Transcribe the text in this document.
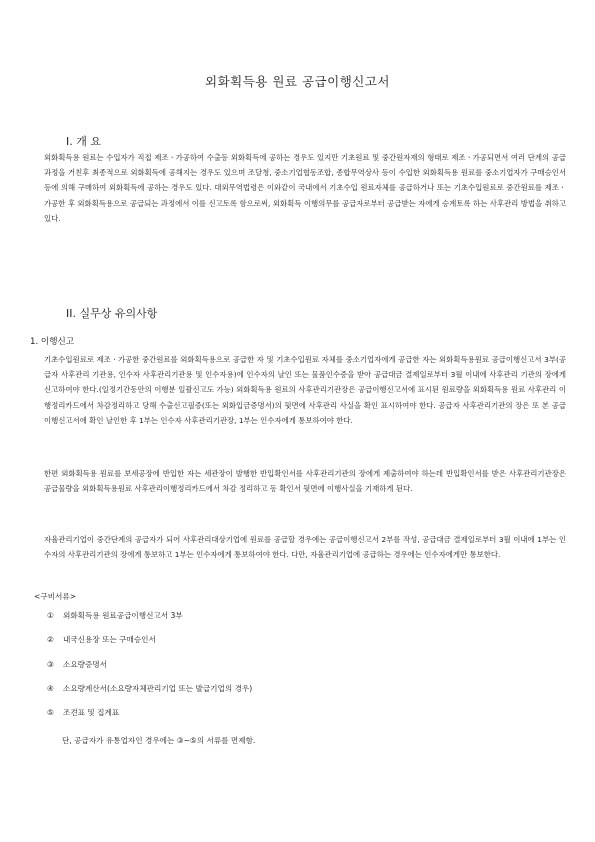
외화획득용 원료 공급이행신고서
I. 개 요
외화획득용 원료는 수입자가 직접 제조ㆍ가공하여 수출등 외화획득에 공하는 경우도 있지만 기초원료 및 중간원자재의 형태로 제조ㆍ가공되면서 여러 단계의 공급과정을 거친후 최종적으로 외화획득에 공해지는 경우도 있으며 조달청, 중소기업협동조합, 종합무역상사 등이 수입한 외화획득용 원료를 중소기업자가 구매승인서 등에 의해 구매하여 외화획득에 공하는 경우도 있다. 대외무역법령은 이와같이 국내에서 기초수입 원료자체를 공급하거나 또는 기초수입원료로 중간원료를 제조ㆍ가공한 후 외화획득용으로 공급되는 과정에서 이를 신고토록 함으로써, 외화획득 이행의무를 공급자로부터 공급받는 자에게 승계토록 하는 사후관리 방법을 취하고 있다.
II. 실무상 유의사항
1. 이행신고
기초수입원료로 제조ㆍ가공한 중간원료를 외화획득용으로 공급한 자 및 기초수입원료 자체를 중소기업자에게 공급한 자는 외화획득용원료 공급이행신고서 3부(공급자 사후관리 기관용, 인수자 사후관리기관용 및 인수자용)에 인수자의 날인 또는 물품인수증을 받아 공급대금 결제일로부터 3월 이내에 사후관리 기관의 장에게 신고하여야 한다.(일정기간동안의 이행분 일괄신고도 가능) 외화획득용 원료의 사후관리기관장은 공급이행신고서에 표시된 원료량을 외화획득용 원료 사후관리 이행정리카드에서 차감정리하고 당해 수출신고필증(또는 외화입금증명서)의 뒷면에 사후관리 사실을 확인 표시하여야 한다. 공급자 사후관리기관의 장은 또 본 공급이행신고서에 확인 날인한 후 1부는 인수자 사후관리기관장, 1부는 인수자에게 통보하여야 한다.
한편 외화획득용 원료를 보세공장에 반입한 자는 세관장이 발행한 반입확인서를 사후관리기관의 장에게 제출하여야 하는데 반입확인서를 받은 사후관리기관장은 공급물량을 외화획득용원료 사후관리이행정리카드에서 차감 정리하고 동 확인서 뒷면에 이행사실을 기재하게 된다.
자율관리기업이 중간단계의 공급자가 되어 사후관리대상기업에 원료를 공급할 경우에는 공급이행신고서 2부를 작성, 공급대금 결제일로부터 3월 이내에 1부는 인수자의 사후관리기관의 장에게 통보하고 1부는 인수자에게 통보하여야 한다. 다만, 자율관리기업에 공급하는 경우에는 인수자에게만 통보한다.
<구비서류>
① 외화획득용 원료공급이행신고서 3부
② 내국신용장 또는 구매승인서
③ 소요량증명서
④ 소요량계산서(소요량자체관리기업 또는 발급기업의 경우)
⑤ 조견표 및 집계표
단, 공급자가 유통업자인 경우에는 ③~⑤의 서류를 면제함.
